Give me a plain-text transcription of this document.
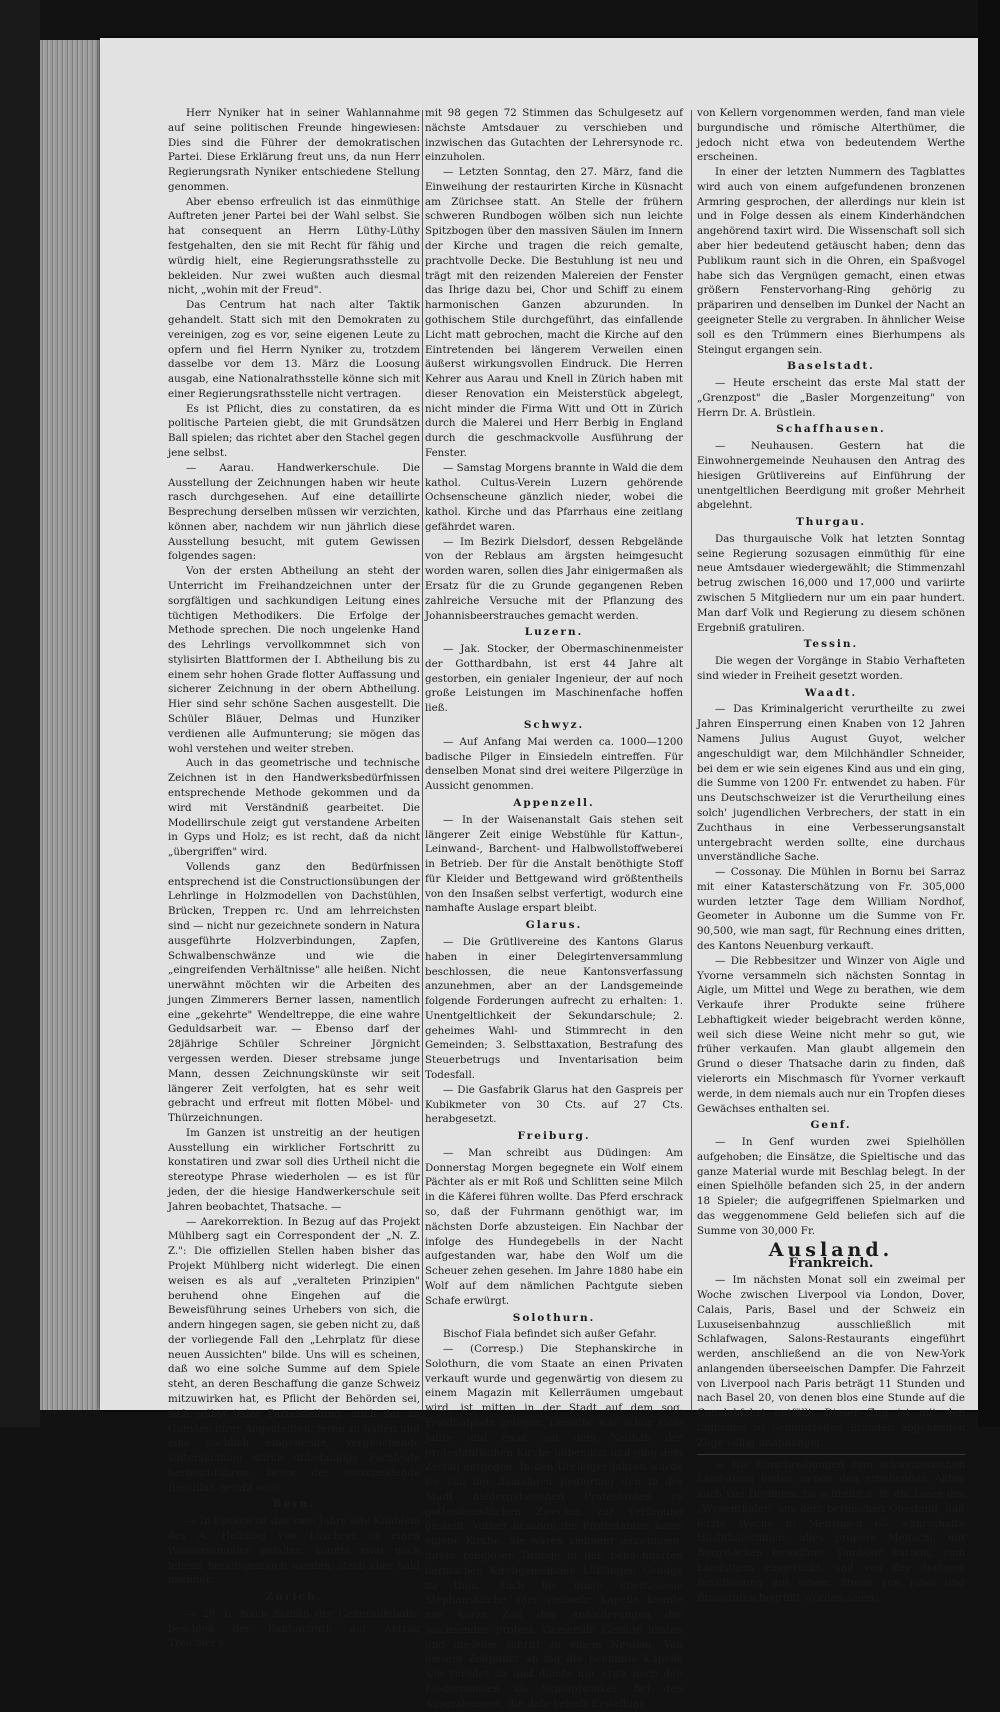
Herr Nyniker hat in seiner Wahlannahme auf seine politischen Freunde hingewiesen: Dies sind die Führer der demokratischen Partei. Diese Erklärung freut uns, da nun Herr Regierungsrath Nyniker entschiedene Stellung genommen.

Aber ebenso erfreulich ist das einmüthige Auftreten jener Partei bei der Wahl selbst. Sie hat consequent an Herrn Lüthy-Lüthy festgehalten, den sie mit Recht für fähig und würdig hielt, eine Regierungsrathsstelle zu bekleiden. Nur zwei wußten auch diesmal nicht, „wohin mit der Freud".

Das Centrum hat nach alter Taktik gehandelt. Statt sich mit den Demokraten zu vereinigen, zog es vor, seine eigenen Leute zu opfern und fiel Herrn Nyniker zu, trotzdem dasselbe vor dem 13. März die Loosung ausgab, eine Nationalrathsstelle könne sich mit einer Regierungsrathsstelle nicht vertragen.

Es ist Pflicht, dies zu constatiren, da es politische Parteien giebt, die mit Grundsätzen Ball spielen; das richtet aber den Stachel gegen jene selbst.

— Aarau. Handwerkerschule. Die Ausstellung der Zeichnungen haben wir heute rasch durchgesehen. Auf eine detaillirte Besprechung derselben müssen wir verzichten, können aber, nachdem wir nun jährlich diese Ausstellung besucht, mit gutem Gewissen folgendes sagen:

Von der ersten Abtheilung an steht der Unterricht im Freihandzeichnen unter der sorgfältigen und sachkundigen Leitung eines tüchtigen Methodikers. Die Erfolge der Methode sprechen. Die noch ungelenke Hand des Lehrlings vervollkommnet sich von stylisirten Blattformen der I. Abtheilung bis zu einem sehr hohen Grade flotter Auffassung und sicherer Zeichnung in der obern Abtheilung. Hier sind sehr schöne Sachen ausgestellt. Die Schüler Bläuer, Delmas und Hunziker verdienen alle Aufmunterung; sie mögen das wohl verstehen und weiter streben.

Auch in das geometrische und technische Zeichnen ist in den Handwerksbedürfnissen entsprechende Methode gekommen und da wird mit Verständniß gearbeitet. Die Modellirschule zeigt gut verstandene Arbeiten in Gyps und Holz; es ist recht, daß da nicht „übergriffen" wird.

Vollends ganz den Bedürfnissen entsprechend ist die Constructionsübungen der Lehrlinge in Holzmodellen von Dachstühlen, Brücken, Treppen rc. Und am lehrreichsten sind — nicht nur gezeichnete sondern in Natura ausgeführte Holzverbindungen, Zapfen, Schwalbenschwänze und wie die „eingreifenden Verhältnisse" alle heißen. Nicht unerwähnt möchten wir die Arbeiten des jungen Zimmerers Berner lassen, namentlich eine „gekehrte" Wendeltreppe, die eine wahre Geduldsarbeit war. — Ebenso darf der 28jährige Schüler Schreiner Jörgnicht vergessen werden. Dieser strebsame junge Mann, dessen Zeichnungskünste wir seit längerer Zeit verfolgten, hat es sehr weit gebracht und erfreut mit flotten Möbel- und Thürzeichnungen.

Im Ganzen ist unstreitig an der heutigen Ausstellung ein wirklicher Fortschritt zu konstatiren und zwar soll dies Urtheil nicht die stereotype Phrase wiederholen — es ist für jeden, der die hiesige Handwerkerschule seit Jahren beobachtet, Thatsache. —

— Aarekorrektion. In Bezug auf das Projekt Mühlberg sagt ein Correspondent der „N. Z. Z.": Die offiziellen Stellen haben bisher das Projekt Mühlberg nicht widerlegt. Die einen weisen es als auf „veralteten Prinzipien" beruhend ohne Eingehen auf die Beweisführung seines Urhebers von sich, die andern hingegen sagen, sie geben nicht zu, daß der vorliegende Fall den „Lehrplatz für diese neuen Aussichten" bilde. Uns will es scheinen, daß wo eine solche Summe auf dem Spiele steht, an deren Beschaffung die ganze Schweiz mitzuwirken hat, es Pflicht der Behörden sei, sich selbst jeder Parteistellung, auch der zu Gunsten ihrer Angestellten, ferne zu halten und eine sachlich eingehende, vergleichende Untersuchung durch unbefangige Fachleute herbeizuführen, bevor der entscheidende Beschluß gefaßt wird.

Bern.

— In Epsach ist das zwei Jahre alte Knäblein des A. Helbling von Lüscherz in einen Wassersammler gefallen, konnte zwar noch lebend herausgezogen werden, starb aber bald nachher.

Zürich.

— 29. b. Nach Schluß der Generaldebatte beschloß der Kantonsrath auf Antrag Treichler's

mit 98 gegen 72 Stimmen das Schulgesetz auf nächste Amtsdauer zu verschieben und inzwischen das Gutachten der Lehrersynode rc. einzuholen.

— Letzten Sonntag, den 27. März, fand die Einweihung der restaurirten Kirche in Küsnacht am Zürichsee statt. An Stelle der frühern schweren Rundbogen wölben sich nun leichte Spitzbogen über den massiven Säulen im Innern der Kirche und tragen die reich gemalte, prachtvolle Decke. Die Bestuhlung ist neu und trägt mit den reizenden Malereien der Fenster das Ihrige dazu bei, Chor und Schiff zu einem harmonischen Ganzen abzurunden. In gothischem Stile durchgeführt, das einfallende Licht matt gebrochen, macht die Kirche auf den Eintretenden bei längerem Verweilen einen äußerst wirkungsvollen Eindruck. Die Herren Kehrer aus Aarau und Knell in Zürich haben mit dieser Renovation ein Meisterstück abgelegt, nicht minder die Firma Witt und Ott in Zürich durch die Malerei und Herr Berbig in England durch die geschmackvolle Ausführung der Fenster.

— Samstag Morgens brannte in Wald die dem kathol. Cultus-Verein Luzern gehörende Ochsenscheune gänzlich nieder, wobei die kathol. Kirche und das Pfarrhaus eine zeitlang gefährdet waren.

— Im Bezirk Dielsdorf, dessen Rebgelände von der Reblaus am ärgsten heimgesucht worden waren, sollen dies Jahr einigermaßen als Ersatz für die zu Grunde gegangenen Reben zahlreiche Versuche mit der Pflanzung des Johannisbeerstrauches gemacht werden.

Luzern.

— Jak. Stocker, der Obermaschinenmeister der Gotthardbahn, ist erst 44 Jahre alt gestorben, ein genialer Ingenieur, der auf noch große Leistungen im Maschinenfache hoffen ließ.

Schwyz.

— Auf Anfang Mai werden ca. 1000—1200 badische Pilger in Einsiedeln eintreffen. Für denselben Monat sind drei weitere Pilgerzüge in Aussicht genommen.

Appenzell.

— In der Waisenanstalt Gais stehen seit längerer Zeit einige Webstühle für Kattun-, Leinwand-, Barchent- und Halbwollstoffweberei in Betrieb. Der für die Anstalt benöthigte Stoff für Kleider und Bettgewand wird größtentheils von den Insaßen selbst verfertigt, wodurch eine namhafte Auslage erspart bleibt.

Glarus.

— Die Grütlivereine des Kantons Glarus haben in einer Delegirtenversammlung beschlossen, die neue Kantonsverfassung anzunehmen, aber an der Landsgemeinde folgende Forderungen aufrecht zu erhalten: 1. Unentgeltlichkeit der Sekundarschule; 2. geheimes Wahl- und Stimmrecht in den Gemeinden; 3. Selbsttaxation, Bestrafung des Steuerbetrugs und Inventarisation beim Todesfall.

— Die Gasfabrik Glarus hat den Gaspreis per Kubikmeter von 30 Cts. auf 27 Cts. herabgesetzt.

Freiburg.

— Man schreibt aus Düdingen: Am Donnerstag Morgen begegnete ein Wolf einem Pächter als er mit Roß und Schlitten seine Milch in die Käferei führen wollte. Das Pferd erschrack so, daß der Fuhrmann genöthigt war, im nächsten Dorfe abzusteigen. Ein Nachbar der infolge des Hundegebells in der Nacht aufgestanden war, habe den Wolf um die Scheuer zehen gesehen. Im Jahre 1880 habe ein Wolf auf dem nämlichen Pachtgute sieben Schafe erwürgt.

Solothurn.

Bischof Fiala befindet sich außer Gefahr.

— (Corresp.) Die Stephanskirche in Solothurn, die vom Staate an einen Privaten verkauft wurde und gegenwärtig von diesem zu einem Magazin mit Kellerräumen umgebaut wird, ist mitten in der Stadt auf dem sog. Friedhofplatz gelegen. Dieselbe war schon viele Jahre und zwar seit dem Neubau der protestantischen Kirche unbenützt und ging dem Zerfall entgegen. In den Dreißiger Jahren wurde sie von der damaligen Regierung den in der Stadt niedergelassenen Protestanten zu gottesdienstlichen Zwecken zur Verfügung gestellt. Vorher besaßen die Protestanten keine eigene Kirche. Sie waren vielmehr gezwungen, ihrem religiösen Drange in den benachbarten bernischen Kirchgemeinden Lüßlingen Genüge zu thun. Auch bis ihnen überlassene Stephanskirche oder vielmehr Kapelle konnte nur kurze Zeit den Anforderungen der wachsenden protest. Gemeinde Genüge leisten und dieselbe schritt zu einem Neubau. Von diesem Zeitpunkt an lag die benannte Kapelle wie verödet da und diente nur etwa noch den Fledermäusen als Schlupfwinkel. Bei den Ausgrabungen, die dato behufs Erstellung

von Kellern vorgenommen werden, fand man viele burgundische und römische Alterthümer, die jedoch nicht etwa von bedeutendem Werthe erscheinen.

In einer der letzten Nummern des Tagblattes wird auch von einem aufgefundenen bronzenen Armring gesprochen, der allerdings nur klein ist und in Folge dessen als einem Kinderhändchen angehörend taxirt wird. Die Wissenschaft soll sich aber hier bedeutend getäuscht haben; denn das Publikum raunt sich in die Ohren, ein Spaßvogel habe sich das Vergnügen gemacht, einen etwas größern Fenstervorhang-Ring gehörig zu präpariren und denselben im Dunkel der Nacht an geeigneter Stelle zu vergraben. In ähnlicher Weise soll es den Trümmern eines Bierhumpens als Steingut ergangen sein.

Baselstadt.

— Heute erscheint das erste Mal statt der „Grenzpost" die „Basler Morgenzeitung" von Herrn Dr. A. Brüstlein.

Schaffhausen.

— Neuhausen. Gestern hat die Einwohnergemeinde Neuhausen den Antrag des hiesigen Grütlivereins auf Einführung der unentgeltlichen Beerdigung mit großer Mehrheit abgelehnt.

Thurgau.

Das thurgauische Volk hat letzten Sonntag seine Regierung sozusagen einmüthig für eine neue Amtsdauer wiedergewählt; die Stimmenzahl betrug zwischen 16,000 und 17,000 und variirte zwischen 5 Mitgliedern nur um ein paar hundert. Man darf Volk und Regierung zu diesem schönen Ergebniß gratuliren.

Tessin.

Die wegen der Vorgänge in Stabio Verhafteten sind wieder in Freiheit gesetzt worden.

Waadt.

— Das Kriminalgericht verurtheilte zu zwei Jahren Einsperrung einen Knaben von 12 Jahren Namens Julius August Guyot, welcher angeschuldigt war, dem Milchhändler Schneider, bei dem er wie sein eigenes Kind aus und ein ging, die Summe von 1200 Fr. entwendet zu haben. Für uns Deutschschweizer ist die Verurtheilung eines solch' jugendlichen Verbrechers, der statt in ein Zuchthaus in eine Verbesserungsanstalt untergebracht werden sollte, eine durchaus unverständliche Sache.

— Cossonay. Die Mühlen in Bornu bei Sarraz mit einer Katasterschätzung von Fr. 305,000 wurden letzter Tage dem William Nordhof, Geometer in Aubonne um die Summe von Fr. 90,500, wie man sagt, für Rechnung eines dritten, des Kantons Neuenburg verkauft.

— Die Rebbesitzer und Winzer von Aigle und Yvorne versammeln sich nächsten Sonntag in Aigle, um Mittel und Wege zu berathen, wie dem Verkaufe ihrer Produkte seine frühere Lebhaftigkeit wieder beigebracht werden könne, weil sich diese Weine nicht mehr so gut, wie früher verkaufen. Man glaubt allgemein den Grund o dieser Thatsache darin zu finden, daß vielerorts ein Mischmasch für Yvorner verkauft werde, in dem niemals auch nur ein Tropfen dieses Gewächses enthalten sei.

Genf.

— In Genf wurden zwei Spielhöllen aufgehoben; die Einsätze, die Spieltische und das ganze Material wurde mit Beschlag belegt. In der einen Spielhölle befanden sich 25, in der andern 18 Spieler; die aufgegriffenen Spielmarken und das weggenommene Geld beliefen sich auf die Summe von 30,000 Fr.

Ausland.
Frankreich.

— Im nächsten Monat soll ein zweimal per Woche zwischen Liverpool via London, Dover, Calais, Paris, Basel und der Schweiz ein Luxuseisenbahnzug ausschließlich mit Schlafwagen, Salons-Restaurants eingeführt werden, anschließend an die von New-York anlangenden überseeischen Dampfer. Die Fahrzeit von Liverpool nach Paris beträgt 11 Stunden und nach Basel 20, von denen blos eine Stunde auf die Canalabfahrt entfällt. Dieser Zug ist mit den täglichen zu Schlupfzeiten Stunden abgehenden Züge völlig unabhängig.

— Die Einschreibungen zum schweizerischen Landsturm bieten neben den erhebenden Akten auch viel Drolliges. So schreibt z. B. ein Leser des „Wynenthaler" aus dem bernischen Oberland, daß letzte Woche in Meiringen 65 währschafte Haslithalerinnen, alles propere Meitschi, mit Bergstöcken bewaffnet. Tambour battant, zum Landsturm eingerückt, und von der dortigen Bevölkerung mit einem Sturm von Jubel und Bravorufen begrüßt worden seien.
